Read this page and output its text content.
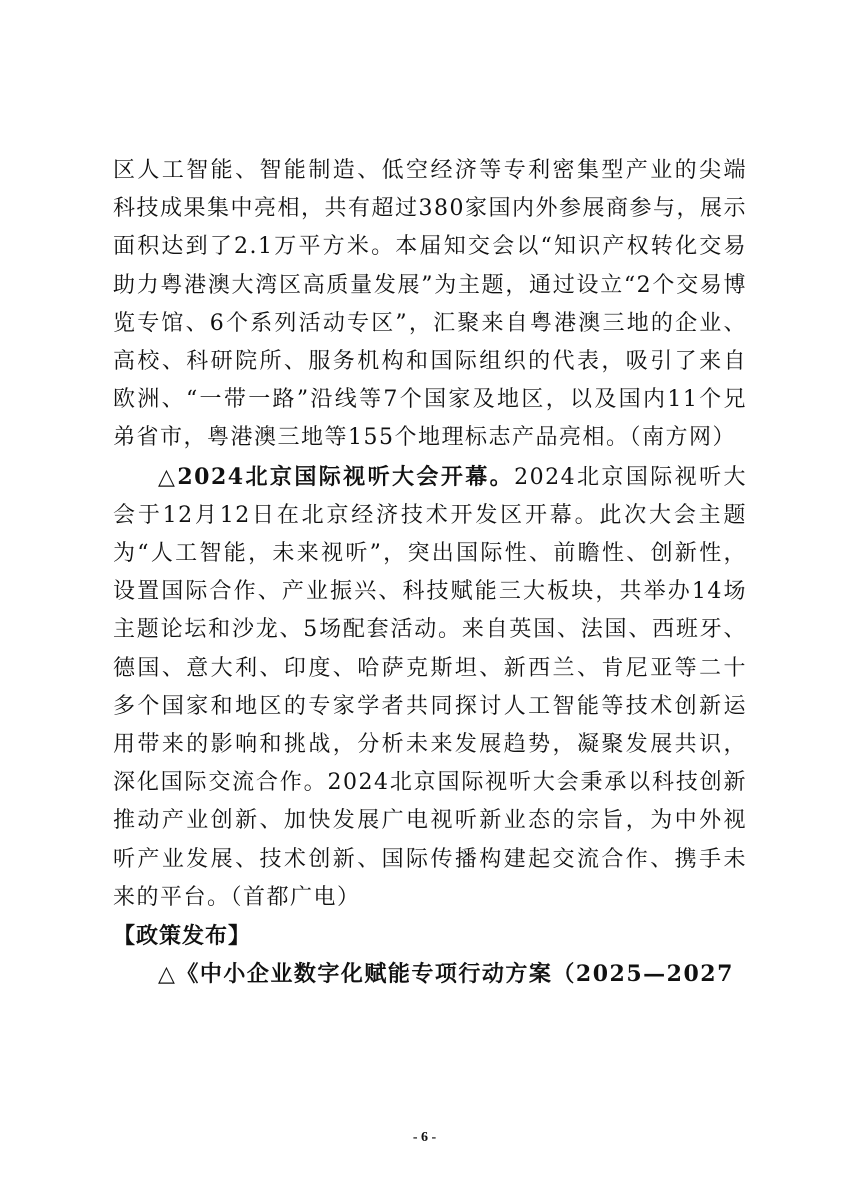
区人工智能、智能制造、低空经济等专利密集型产业的尖端科技成果集中亮相，共有超过380家国内外参展商参与，展示面积达到了2.1万平方米。本届知交会以“知识产权转化交易助力粤港澳大湾区高质量发展”为主题，通过设立“2个交易博览专馆、6个系列活动专区”，汇聚来自粤港澳三地的企业、高校、科研院所、服务机构和国际组织的代表，吸引了来自欧洲、“一带一路”沿线等7个国家及地区，以及国内11个兄弟省市，粤港澳三地等155个地理标志产品亮相。（南方网）

△2024北京国际视听大会开幕。2024北京国际视听大会于12月12日在北京经济技术开发区开幕。此次大会主题为“人工智能，未来视听”，突出国际性、前瞻性、创新性，设置国际合作、产业振兴、科技赋能三大板块，共举办14场主题论坛和沙龙、5场配套活动。来自英国、法国、西班牙、德国、意大利、印度、哈萨克斯坦、新西兰、肯尼亚等二十多个国家和地区的专家学者共同探讨人工智能等技术创新运用带来的影响和挑战，分析未来发展趋势，凝聚发展共识，深化国际交流合作。2024北京国际视听大会秉承以科技创新推动产业创新、加快发展广电视听新业态的宗旨，为中外视听产业发展、技术创新、国际传播构建起交流合作、携手未来的平台。（首都广电）

【政策发布】

△《中小企业数字化赋能专项行动方案（2025—2027

- 6 -
